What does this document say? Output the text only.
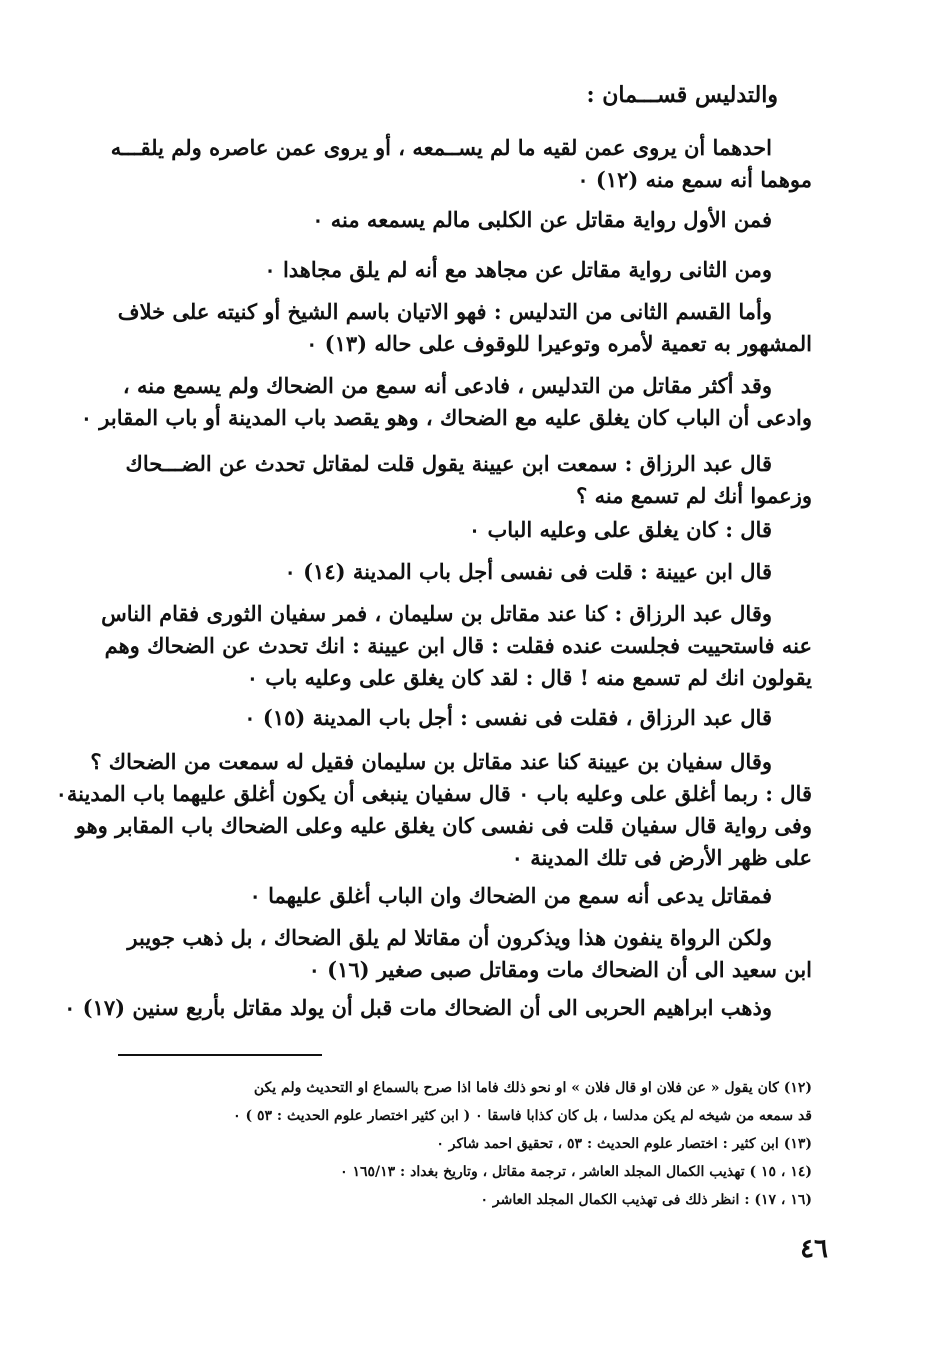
والتدليس قســـمان :
احدهما أن يروى عمن لقيه ما لم يســمعه ، أو يروى عمن عاصره ولم يلقـــه
موهما أنه سمع منه (١٢) ٠
فمن الأول رواية مقاتل عن الكلبى مالم يسمعه منه ٠
ومن الثانى رواية مقاتل عن مجاهد مع أنه لم يلق مجاهدا ٠
وأما القسم الثانى من التدليس : فهو الاتيان باسم الشيخ أو كنيته على خلاف
المشهور به تعمية لأمره وتوعيرا للوقوف على حاله (١٣) ٠
وقد أكثر مقاتل من التدليس ، فادعى أنه سمع من الضحاك ولم يسمع منه ،
وادعى أن الباب كان يغلق عليه مع الضحاك ، وهو يقصد باب المدينة أو باب المقابر ٠
قال عبد الرزاق : سمعت ابن عيينة يقول قلت لمقاتل تحدث عن الضـــحاك
وزعموا أنك لم تسمع منه ؟
قال : كان يغلق على وعليه الباب ٠
قال ابن عيينة : قلت فى نفسى أجل باب المدينة (١٤) ٠
وقال عبد الرزاق : كنا عند مقاتل بن سليمان ، فمر سفيان الثورى فقام الناس
عنه فاستحييت فجلست عنده فقلت : قال ابن عيينة : انك تحدث عن الضحاك وهم
يقولون انك لم تسمع منه ! قال : لقد كان يغلق على وعليه باب ٠
قال عبد الرزاق ، فقلت فى نفسى : أجل باب المدينة (١٥) ٠
وقال سفيان بن عيينة كنا عند مقاتل بن سليمان فقيل له سمعت من الضحاك ؟
قال : ربما أغلق على وعليه باب ٠ قال سفيان ينبغى أن يكون أغلق عليهما باب المدينة٠
وفى رواية قال سفيان قلت فى نفسى كان يغلق عليه وعلى الضحاك باب المقابر وهو
على ظهر الأرض فى تلك المدينة ٠
فمقاتل يدعى أنه سمع من الضحاك وان الباب أغلق عليهما ٠
ولكن الرواة ينفون هذا ويذكرون أن مقاتلا لم يلق الضحاك ، بل ذهب جويبر
ابن سعيد الى أن الضحاك مات ومقاتل صبى صغير (١٦) ٠
وذهب ابراهيم الحربى الى أن الضحاك مات قبل أن يولد مقاتل بأربع سنين (١٧) ٠
(١٢) كان يقول « عن فلان او قال فلان » او نحو ذلك فاما اذا صرح بالسماع او التحديث ولم يكن
قد سمعه من شيخه لم يكن مدلسا ، بل كان كذابا فاسقا ٠ ( ابن كثير اختصار علوم الحديث : ٥٣ ) ٠
(١٣) ابن كثير : اختصار علوم الحديث : ٥٣ ، تحقيق احمد شاكر ٠
(١٤ ، ١٥ ) تهذيب الكمال المجلد العاشر ، ترجمة مقاتل ، وتاريخ بغداد : ١٦٥/١٣ ٠
(١٦ ، ١٧) : انظر ذلك فى تهذيب الكمال المجلد العاشر ٠
٤٦
